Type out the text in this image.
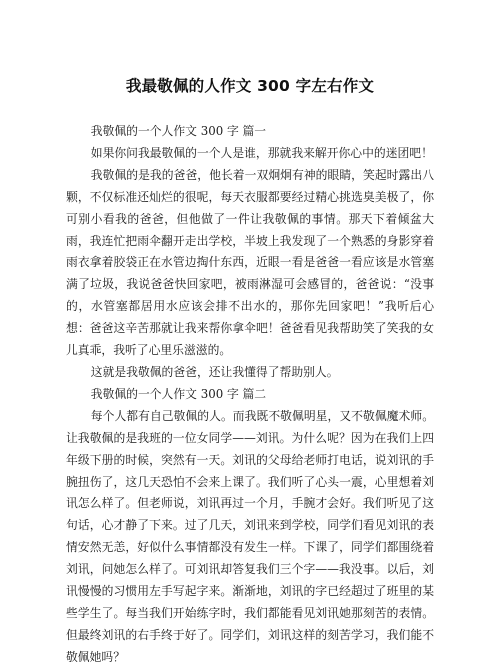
我最敬佩的人作文 300 字左右作文

我敬佩的一个人作文 300 字 篇一

如果你问我最敬佩的一个人是谁，那就我来解开你心中的迷团吧！

我敬佩的是我的爸爸，他长着一双炯炯有神的眼睛，笑起时露出八颗，不仅标准还灿烂的很呢，每天衣服都要经过精心挑选臭美极了，你可别小看我的爸爸，但他做了一件让我敬佩的事情。那天下着倾盆大雨，我连忙把雨伞翻开走出学校，半坡上我发现了一个熟悉的身影穿着雨衣拿着胶袋正在水管边掏什东西，近眼一看是爸爸一看应该是水管塞满了垃圾，我说爸爸快回家吧，被雨淋湿可会感冒的，爸爸说：“没事的，水管塞都居用水应该会排不出水的，那你先回家吧！”我听后心想：爸爸这辛苦那就让我来帮你拿伞吧！爸爸看见我帮助笑了笑我的女儿真乖，我听了心里乐滋滋的。

这就是我敬佩的爸爸，还让我懂得了帮助别人。

我敬佩的一个人作文 300 字 篇二

每个人都有自己敬佩的人。而我既不敬佩明星，又不敬佩魔术师。让我敬佩的是我班的一位女同学——刘讯。为什么呢？因为在我们上四年级下册的时候，突然有一天。刘讯的父母给老师打电话，说刘讯的手腕扭伤了，这几天恐怕不会来上课了。我们听了心头一震，心里想着刘讯怎么样了。但老师说，刘讯再过一个月，手腕才会好。我们听见了这句话，心才静了下来。过了几天，刘讯来到学校，同学们看见刘讯的表情安然无恙，好似什么事情都没有发生一样。下课了，同学们都围绕着刘讯，问她怎么样了。可刘讯却答复我们三个字——我没事。以后，刘讯慢慢的习惯用左手写起字来。渐渐地，刘讯的字已经超过了班里的某些学生了。每当我们开始练字时，我们都能看见刘讯她那刻苦的表情。但最终刘讯的右手终于好了。同学们，刘讯这样的刻苦学习，我们能不敬佩她吗？
